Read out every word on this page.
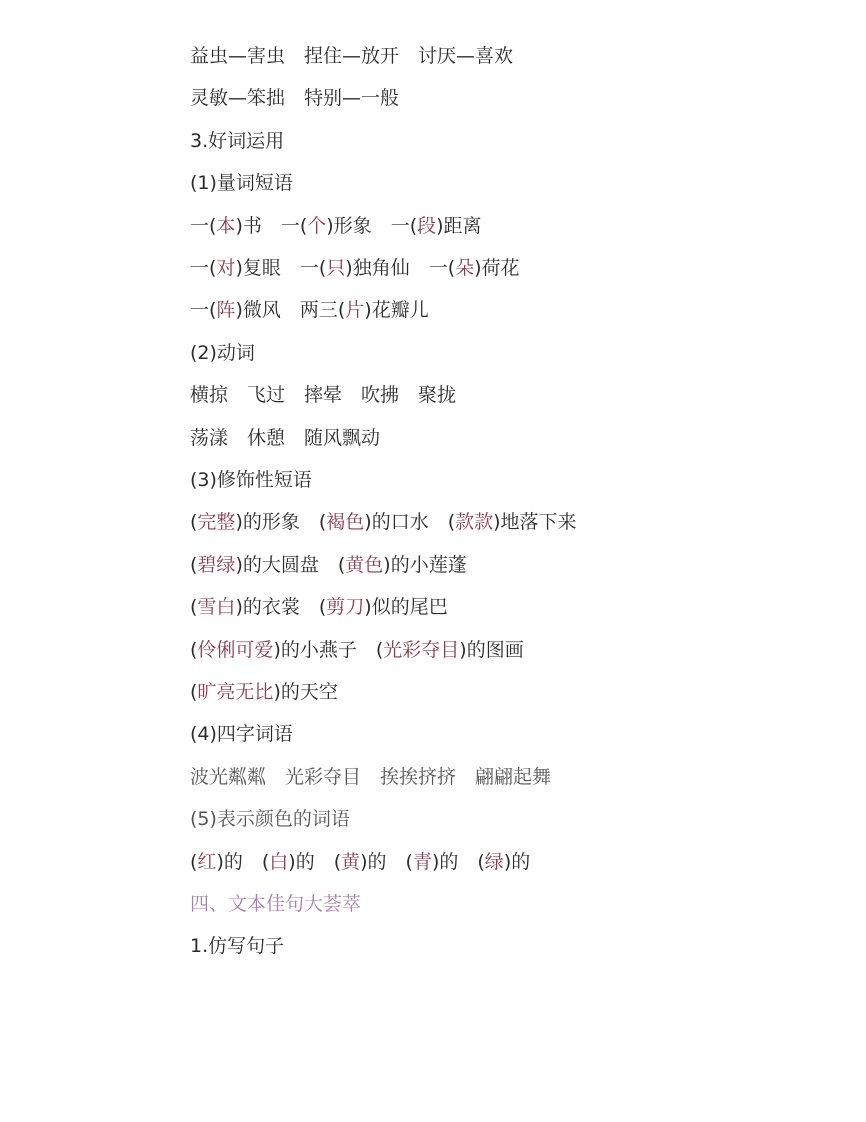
益虫—害虫　捏住—放开　讨厌—喜欢
灵敏—笨拙　特别—一般
3.好词运用
(1)量词短语
一(本)书　一(个)形象　一(段)距离
一(对)复眼　一(只)独角仙　一(朵)荷花
一(阵)微风　两三(片)花瓣儿
(2)动词
横掠　飞过　摔晕　吹拂　聚拢
荡漾　休憩　随风飘动
(3)修饰性短语
(完整)的形象　(褐色)的口水　(款款)地落下来
(碧绿)的大圆盘　(黄色)的小莲蓬
(雪白)的衣裳　(剪刀)似的尾巴
(伶俐可爱)的小燕子　(光彩夺目)的图画
(旷亮无比)的天空
(4)四字词语
波光粼粼　光彩夺目　挨挨挤挤　翩翩起舞
(5)表示颜色的词语
(红)的　(白)的　(黄)的　(青)的　(绿)的
四、文本佳句大荟萃
1.仿写句子
